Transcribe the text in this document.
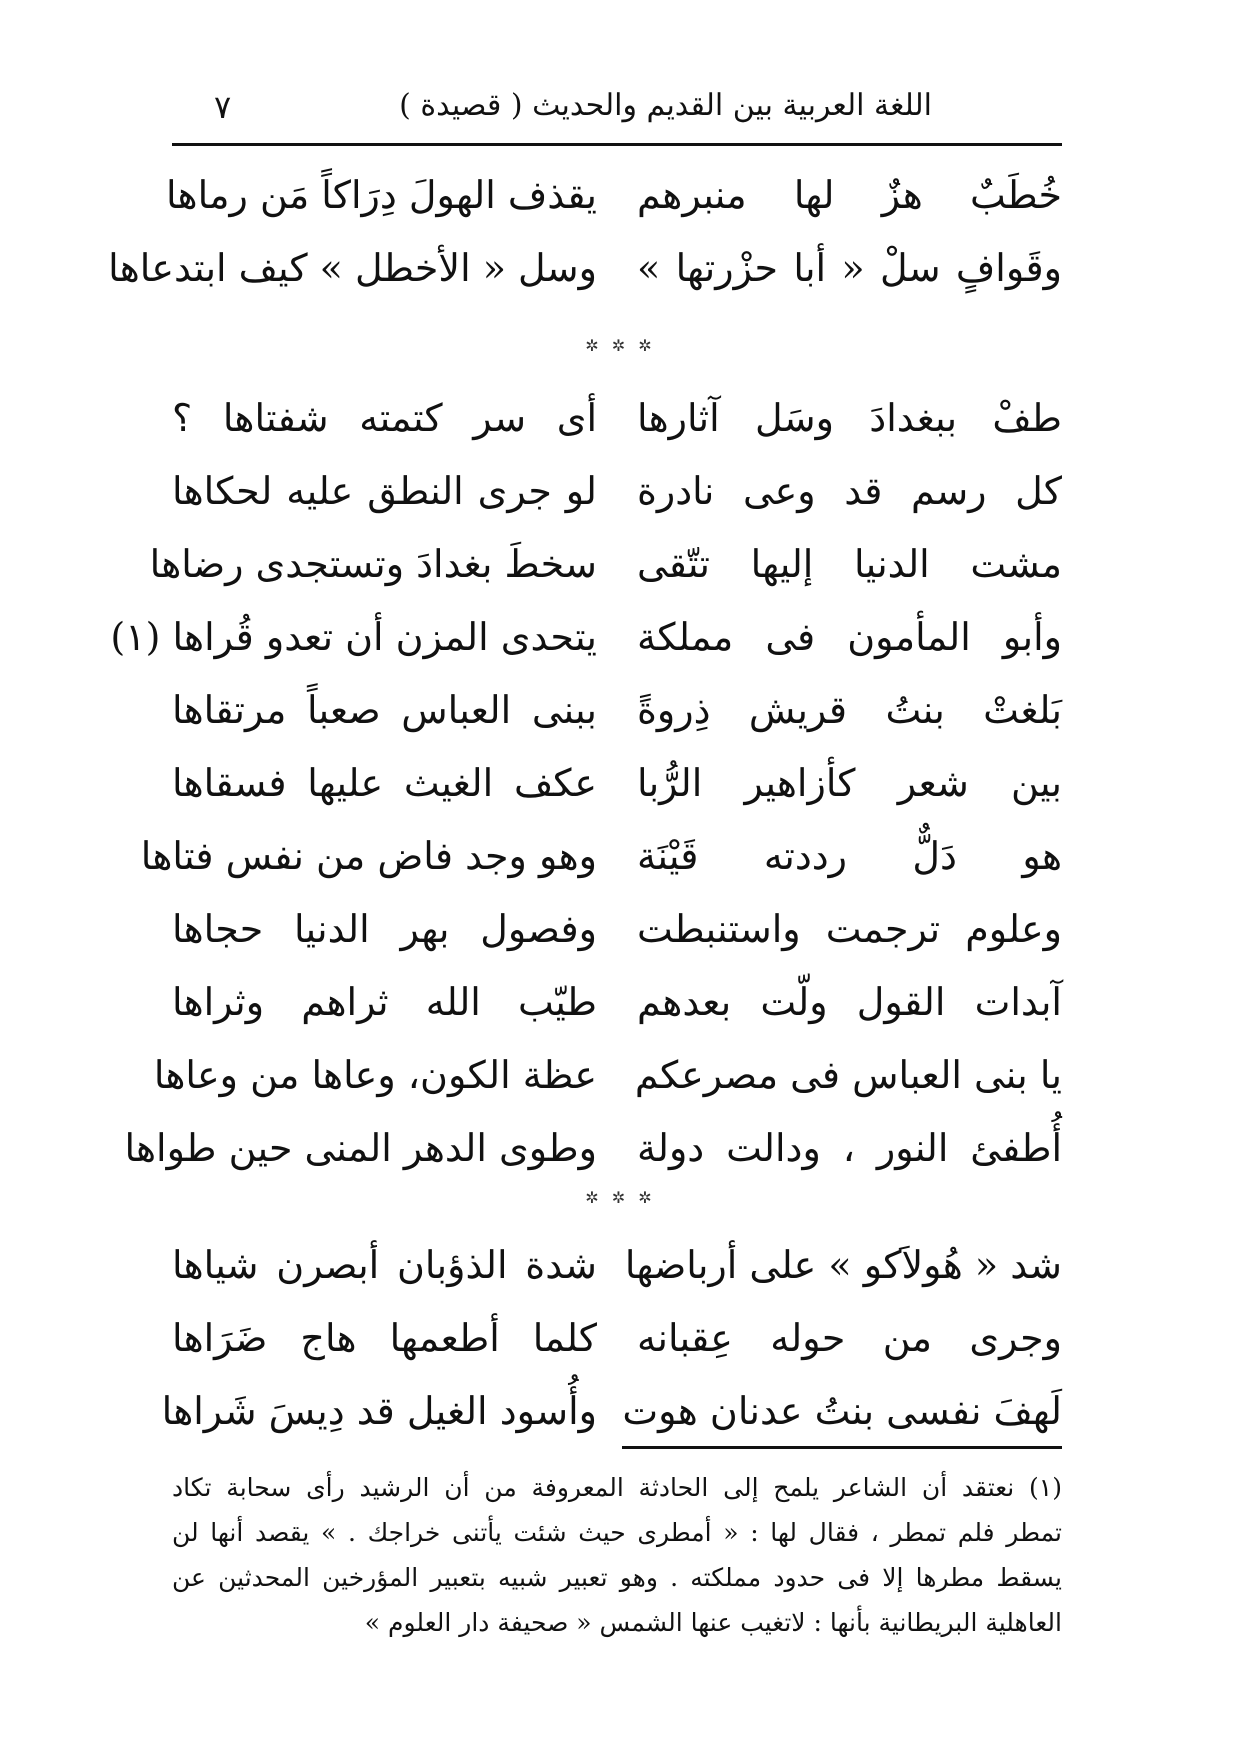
اللغة العربية بين القديم والحديث ( قصيدة )
٧
خُطَبٌ هزٌ لها منبرهم
يقذف الهولَ دِرَاكاً مَن رماها
وقَوافٍ سلْ « أبا حزْرتها »
وسل « الأخطل » كيف ابتدعاها
✲ ✲ ✲
طفْ ببغدادَ وسَل آثارها
أى سر كتمته شفتاها ؟
كل رسم قد وعى نادرة
لو جرى النطق عليه لحكاها
مشت الدنيا إليها تتّقى
سخطَ بغدادَ وتستجدى رضاها
وأبو المأمون فى مملكة
يتحدى المزن أن تعدو قُراها (١)
بَلغتْ بنتُ قريش ذِروةً
ببنى العباس صعباً مرتقاها
بين شعر كأزاهير الرُّبا
عكف الغيث عليها فسقاها
هو دَلٌّ رددته قَيْنَة
وهو وجد فاض من نفس فتاها
وعلوم ترجمت واستنبطت
وفصول بهر الدنيا حجاها
آبدات القول ولّت بعدهم
طيّب الله ثراهم وثراها
يا بنى العباس فى مصرعكم
عظة الكون، وعاها من وعاها
أُطفئ النور ، ودالت دولة
وطوى الدهر المنى حين طواها
✲ ✲ ✲
شد « هُولاَكو » على أرباضها
شدة الذؤبان أبصرن شياها
وجرى من حوله عِقبانه
كلما أطعمها هاج ضَرَاها
لَهفَ نفسى بنتُ عدنان هوت
وأُسود الغيل قد دِيسَ شَراها
(١) نعتقد أن الشاعر يلمح إلى الحادثة المعروفة من أن الرشيد رأى سحابة تكاد
تمطر فلم تمطر ، فقال لها : « أمطرى حيث شئت يأتنى خراجك . » يقصد أنها لن
يسقط مطرها إلا فى حدود مملكته . وهو تعبير شبيه بتعبير المؤرخين المحدثين عن
العاهلية البريطانية بأنها : لاتغيب عنها الشمس « صحيفة دار العلوم »
